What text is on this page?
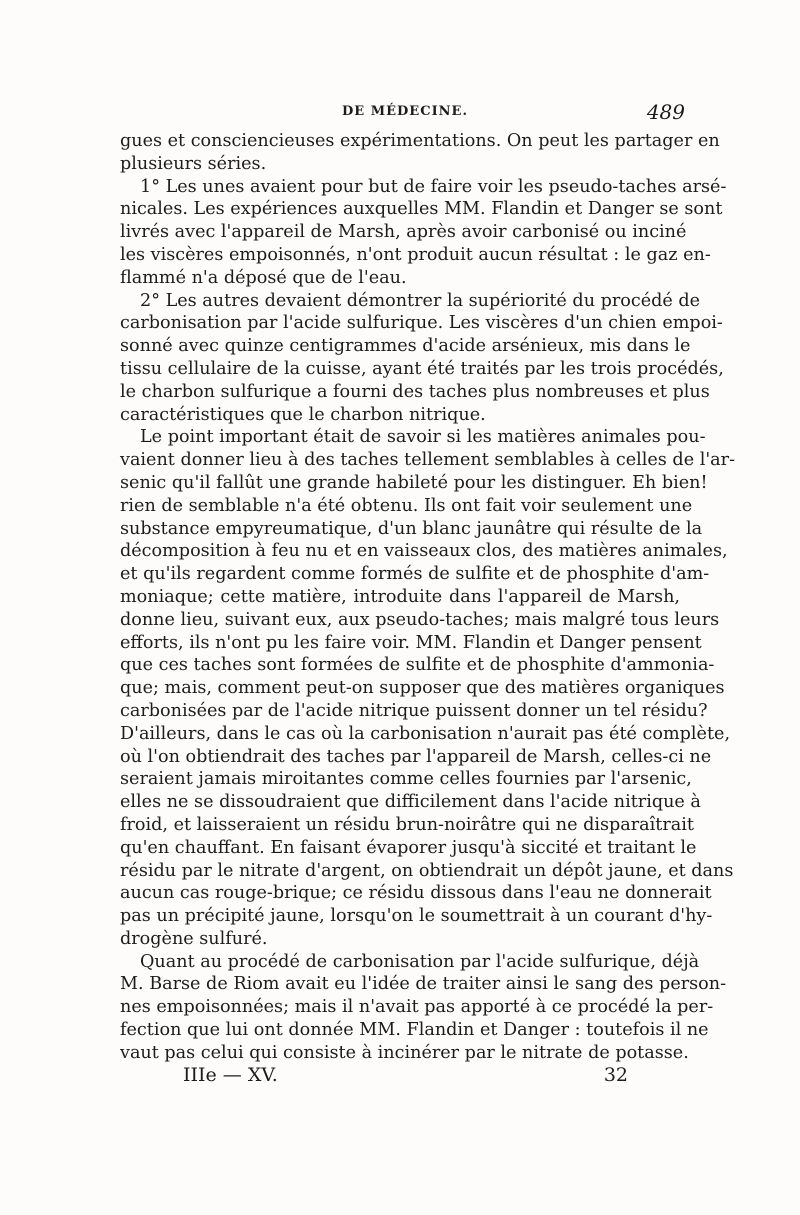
DE MÉDECINE.	489
gues et consciencieuses expérimentations. On peut les partager en
plusieurs séries.
1° Les unes avaient pour but de faire voir les pseudo-taches arsé-
nicales. Les expériences auxquelles MM. Flandin et Danger se sont
livrés avec l'appareil de Marsh, après avoir carbonisé ou inciné
les viscères empoisonnés, n'ont produit aucun résultat : le gaz en-
flammé n'a déposé que de l'eau.
2° Les autres devaient démontrer la supériorité du procédé de
carbonisation par l'acide sulfurique. Les viscères d'un chien empoi-
sonné avec quinze centigrammes d'acide arsénieux, mis dans le
tissu cellulaire de la cuisse, ayant été traités par les trois procédés,
le charbon sulfurique a fourni des taches plus nombreuses et plus
caractéristiques que le charbon nitrique.
Le point important était de savoir si les matières animales pou-
vaient donner lieu à des taches tellement semblables à celles de l'ar-
senic qu'il fallût une grande habileté pour les distinguer. Eh bien!
rien de semblable n'a été obtenu. Ils ont fait voir seulement une
substance empyreumatique, d'un blanc jaunâtre qui résulte de la
décomposition à feu nu et en vaisseaux clos, des matières animales,
et qu'ils regardent comme formés de sulfite et de phosphite d'am-
moniaque; cette matière, introduite dans l'appareil de Marsh,
donne lieu, suivant eux, aux pseudo-taches; mais malgré tous leurs
efforts, ils n'ont pu les faire voir. MM. Flandin et Danger pensent
que ces taches sont formées de sulfite et de phosphite d'ammonia-
que; mais, comment peut-on supposer que des matières organiques
carbonisées par de l'acide nitrique puissent donner un tel résidu?
D'ailleurs, dans le cas où la carbonisation n'aurait pas été complète,
où l'on obtiendrait des taches par l'appareil de Marsh, celles-ci ne
seraient jamais miroitantes comme celles fournies par l'arsenic,
elles ne se dissoudraient que difficilement dans l'acide nitrique à
froid, et laisseraient un résidu brun-noirâtre qui ne disparaîtrait
qu'en chauffant. En faisant évaporer jusqu'à siccité et traitant le
résidu par le nitrate d'argent, on obtiendrait un dépôt jaune, et dans
aucun cas rouge-brique; ce résidu dissous dans l'eau ne donnerait
pas un précipité jaune, lorsqu'on le soumettrait à un courant d'hy-
drogène sulfuré.
Quant au procédé de carbonisation par l'acide sulfurique, déjà
M. Barse de Riom avait eu l'idée de traiter ainsi le sang des person-
nes empoisonnées; mais il n'avait pas apporté à ce procédé la per-
fection que lui ont donnée MM. Flandin et Danger : toutefois il ne
vaut pas celui qui consiste à incinérer par le nitrate de potasse.
IIIe — XV.	32
